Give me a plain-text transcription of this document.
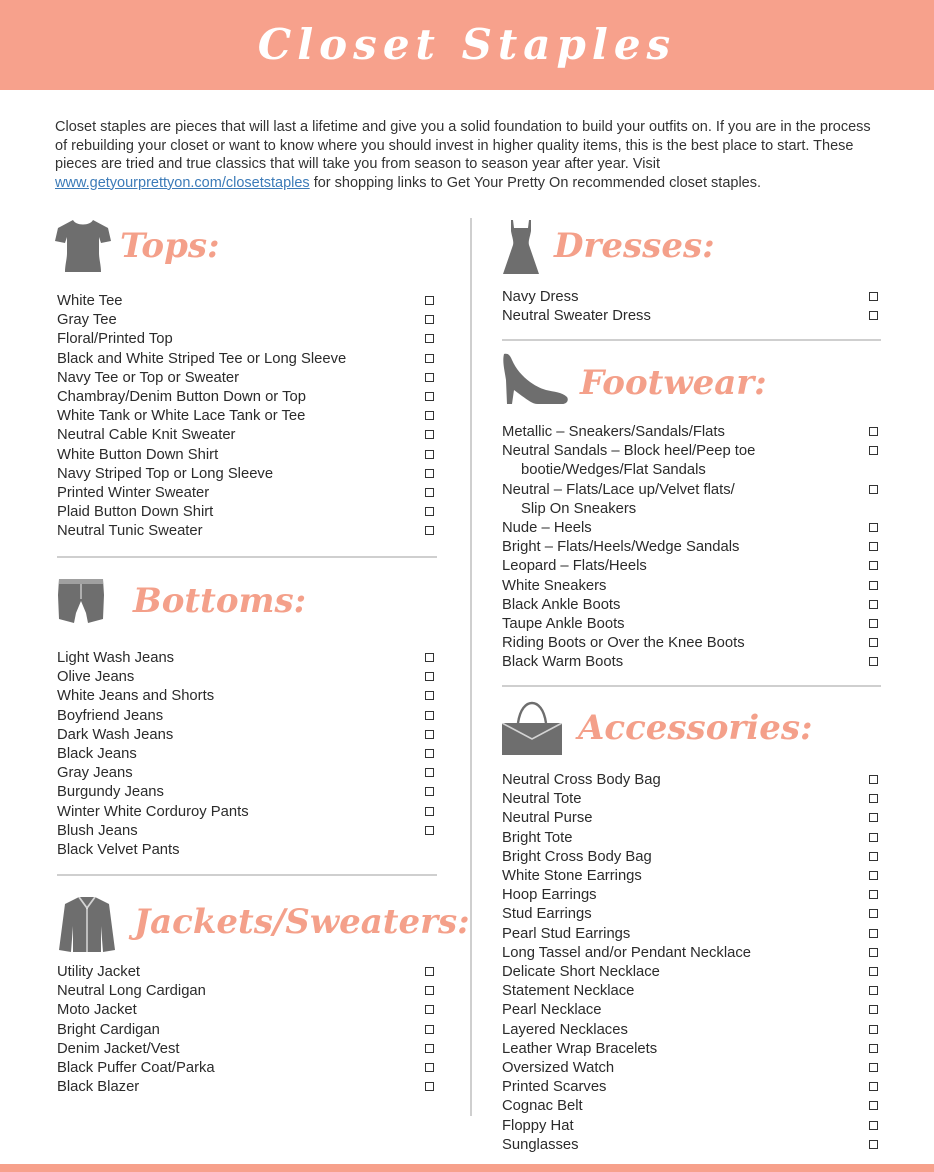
Closet Staples
Closet staples are pieces that will last a lifetime and give you a solid foundation to build your outfits on. If you are in the process of rebuilding your closet or want to know where you should invest in higher quality items, this is the best place to start. These pieces are tried and true classics that will take you from season to season year after year. Visit www.getyourprettyon.com/closetstaples for shopping links to Get Your Pretty On recommended closet staples.
Tops:
White Tee
Gray Tee
Floral/Printed Top
Black and White Striped Tee or Long Sleeve
Navy Tee or Top or Sweater
Chambray/Denim Button Down or Top
White Tank or White Lace Tank or Tee
Neutral Cable Knit Sweater
White Button Down Shirt
Navy Striped Top or Long Sleeve
Printed Winter Sweater
Plaid Button Down Shirt
Neutral Tunic Sweater
Bottoms:
Light Wash Jeans
Olive Jeans
White Jeans and Shorts
Boyfriend Jeans
Dark Wash Jeans
Black Jeans
Gray Jeans
Burgundy Jeans
Winter White Corduroy Pants
Blush Jeans
Black Velvet Pants
Jackets/Sweaters:
Utility Jacket
Neutral Long Cardigan
Moto Jacket
Bright Cardigan
Denim Jacket/Vest
Black Puffer Coat/Parka
Black Blazer
Dresses:
Navy Dress
Neutral Sweater Dress
Footwear:
Metallic – Sneakers/Sandals/Flats
Neutral Sandals – Block heel/Peep toe
bootie/Wedges/Flat Sandals
Neutral – Flats/Lace up/Velvet flats/
Slip On Sneakers
Nude – Heels
Bright – Flats/Heels/Wedge Sandals
Leopard – Flats/Heels
White Sneakers
Black Ankle Boots
Taupe Ankle Boots
Riding Boots or Over the Knee Boots
Black Warm Boots
Accessories:
Neutral Cross Body Bag
Neutral Tote
Neutral Purse
Bright Tote
Bright Cross Body Bag
White Stone Earrings
Hoop Earrings
Stud Earrings
Pearl Stud Earrings
Long Tassel and/or Pendant Necklace
Delicate Short Necklace
Statement Necklace
Pearl Necklace
Layered Necklaces
Leather Wrap Bracelets
Oversized Watch
Printed Scarves
Cognac Belt
Floppy Hat
Sunglasses
